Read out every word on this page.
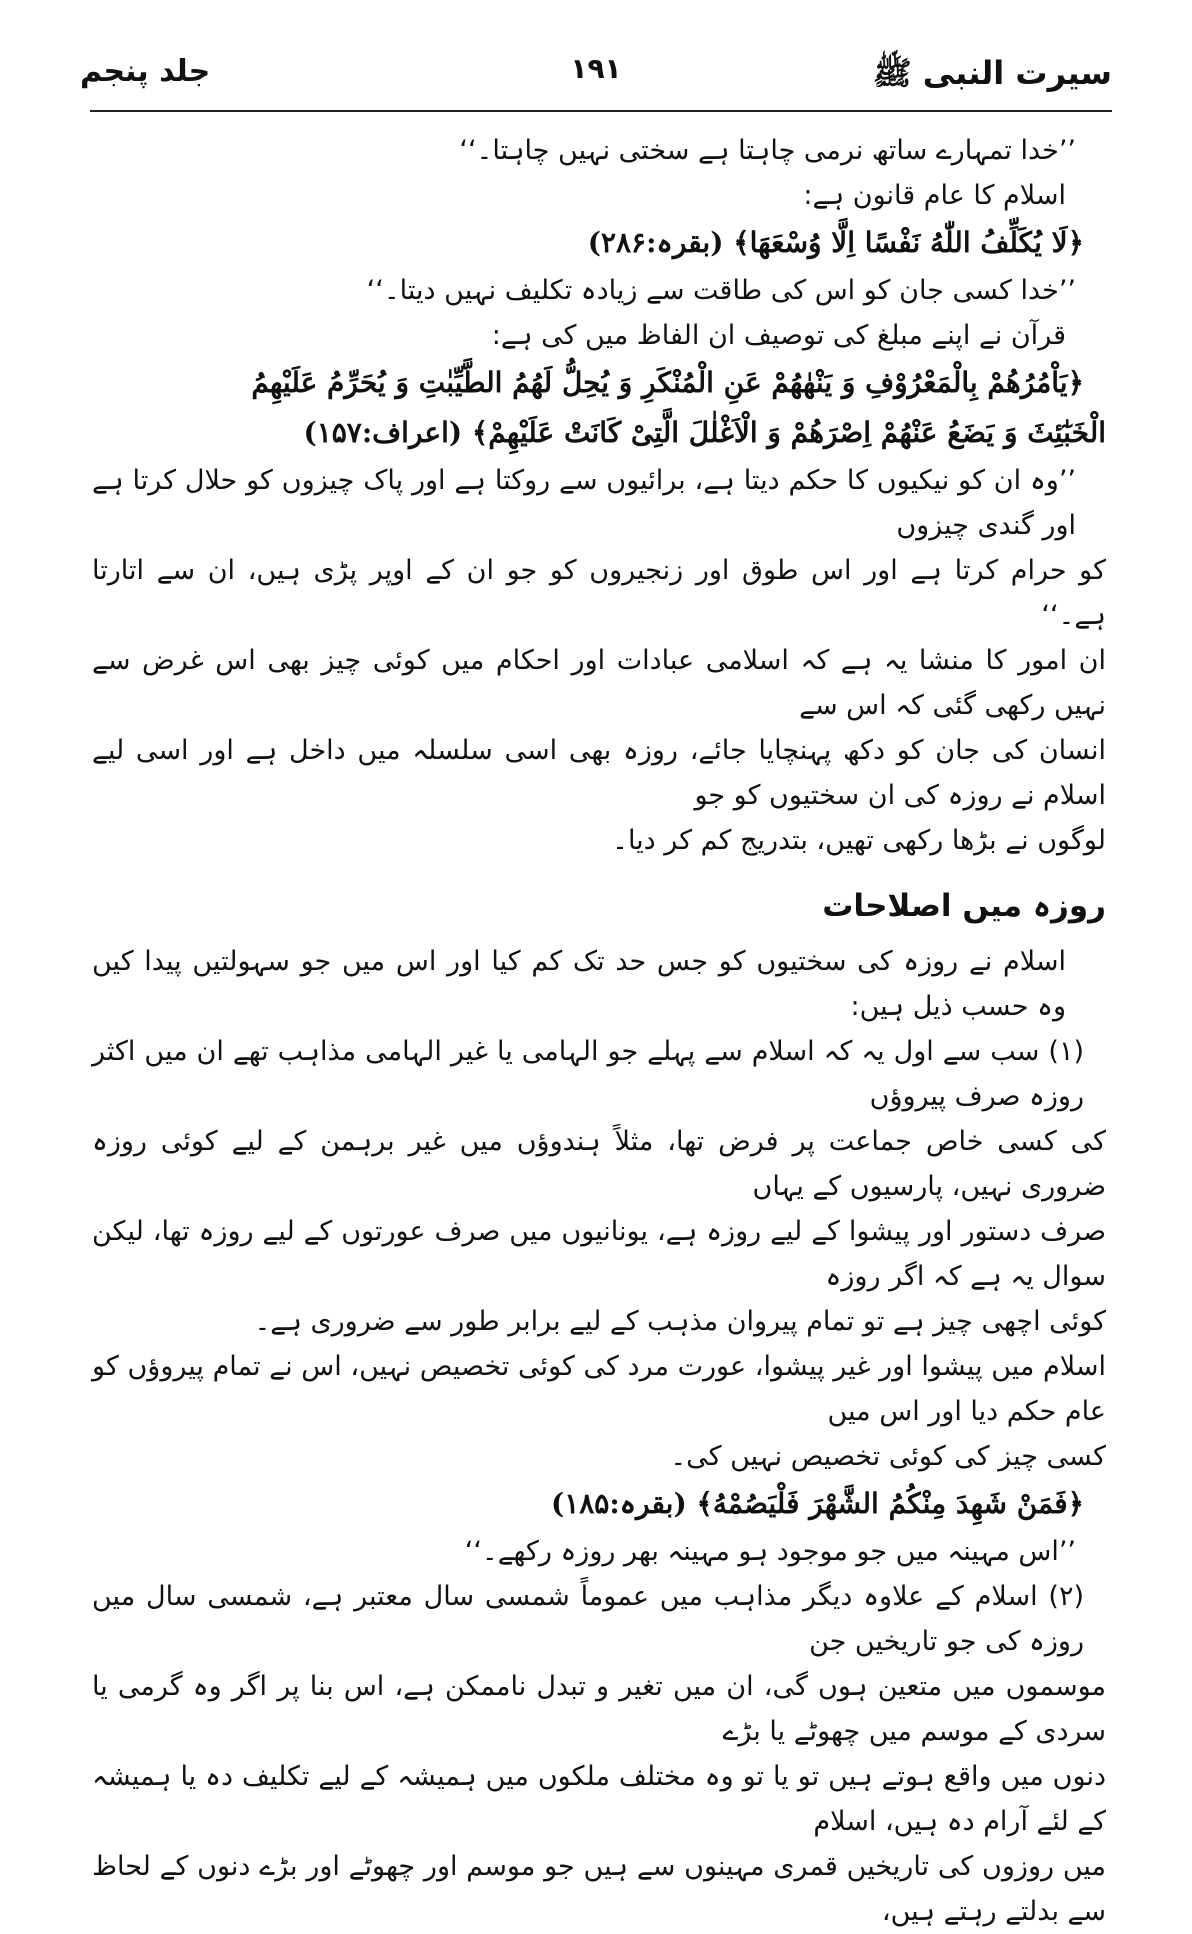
سیرت النبی ﷺ
۱۹۱
جلد پنجم

’’خدا تمہارے ساتھ نرمی چاہتا ہے سختی نہیں چاہتا۔‘‘

اسلام کا عام قانون ہے:

﴿لَا يُكَلِّفُ اللّٰهُ نَفْسًا اِلَّا وُسْعَهَا﴾ (بقرہ:۲۸۶)

’’خدا کسی جان کو اس کی طاقت سے زیادہ تکلیف نہیں دیتا۔‘‘

قرآن نے اپنے مبلغ کی توصیف ان الفاظ میں کی ہے:

﴿يَاْمُرُهُمْ بِالْمَعْرُوْفِ وَ يَنْهٰهُمْ عَنِ الْمُنْكَرِ وَ يُحِلُّ لَهُمُ الطَّيِّبٰتِ وَ يُحَرِّمُ عَلَيْهِمُ

الْخَبٰٓئِثَ وَ يَضَعُ عَنْهُمْ اِصْرَهُمْ وَ الْاَغْلٰلَ الَّتِیْ كَانَتْ عَلَيْهِمْ﴾ (اعراف:۱۵۷)

’’وہ ان کو نیکیوں کا حکم دیتا ہے، برائیوں سے روکتا ہے اور پاک چیزوں کو حلال کرتا ہے اور گندی چیزوں

کو حرام کرتا ہے اور اس طوق اور زنجیروں کو جو ان کے اوپر پڑی ہیں، ان سے اتارتا ہے۔‘‘

ان امور کا منشا یہ ہے کہ اسلامی عبادات اور احکام میں کوئی چیز بھی اس غرض سے نہیں رکھی گئی کہ اس سے

انسان کی جان کو دکھ پہنچایا جائے، روزہ بھی اسی سلسلہ میں داخل ہے اور اسی لیے اسلام نے روزہ کی ان سختیوں کو جو

لوگوں نے بڑھا رکھی تھیں، بتدریج کم کر دیا۔

روزہ میں اصلاحات

اسلام نے روزہ کی سختیوں کو جس حد تک کم کیا اور اس میں جو سہولتیں پیدا کیں وہ حسب ذیل ہیں:

(۱) سب سے اول یہ کہ اسلام سے پہلے جو الہامی یا غیر الہامی مذاہب تھے ان میں اکثر روزہ صرف پیروؤں

کی کسی خاص جماعت پر فرض تھا، مثلاً ہندوؤں میں غیر برہمن کے لیے کوئی روزہ ضروری نہیں، پارسیوں کے یہاں

صرف دستور اور پیشوا کے لیے روزہ ہے، یونانیوں میں صرف عورتوں کے لیے روزہ تھا، لیکن سوال یہ ہے کہ اگر روزہ

کوئی اچھی چیز ہے تو تمام پیروان مذہب کے لیے برابر طور سے ضروری ہے۔

اسلام میں پیشوا اور غیر پیشوا، عورت مرد کی کوئی تخصیص نہیں، اس نے تمام پیروؤں کو عام حکم دیا اور اس میں

کسی چیز کی کوئی تخصیص نہیں کی۔

﴿فَمَنْ شَهِدَ مِنْكُمُ الشَّهْرَ فَلْيَصُمْهُ﴾ (بقرہ:۱۸۵)

’’اس مہینہ میں جو موجود ہو مہینہ بھر روزہ رکھے۔‘‘

(۲) اسلام کے علاوہ دیگر مذاہب میں عموماً شمسی سال معتبر ہے، شمسی سال میں روزہ کی جو تاریخیں جن

موسموں میں متعین ہوں گی، ان میں تغیر و تبدل ناممکن ہے، اس بنا پر اگر وہ گرمی یا سردی کے موسم میں چھوٹے یا بڑے

دنوں میں واقع ہوتے ہیں تو یا تو وہ مختلف ملکوں میں ہمیشہ کے لیے تکلیف دہ یا ہمیشہ کے لئے آرام دہ ہیں، اسلام

میں روزوں کی تاریخیں قمری مہینوں سے ہیں جو موسم اور چھوٹے اور بڑے دنوں کے لحاظ سے بدلتے رہتے ہیں،
